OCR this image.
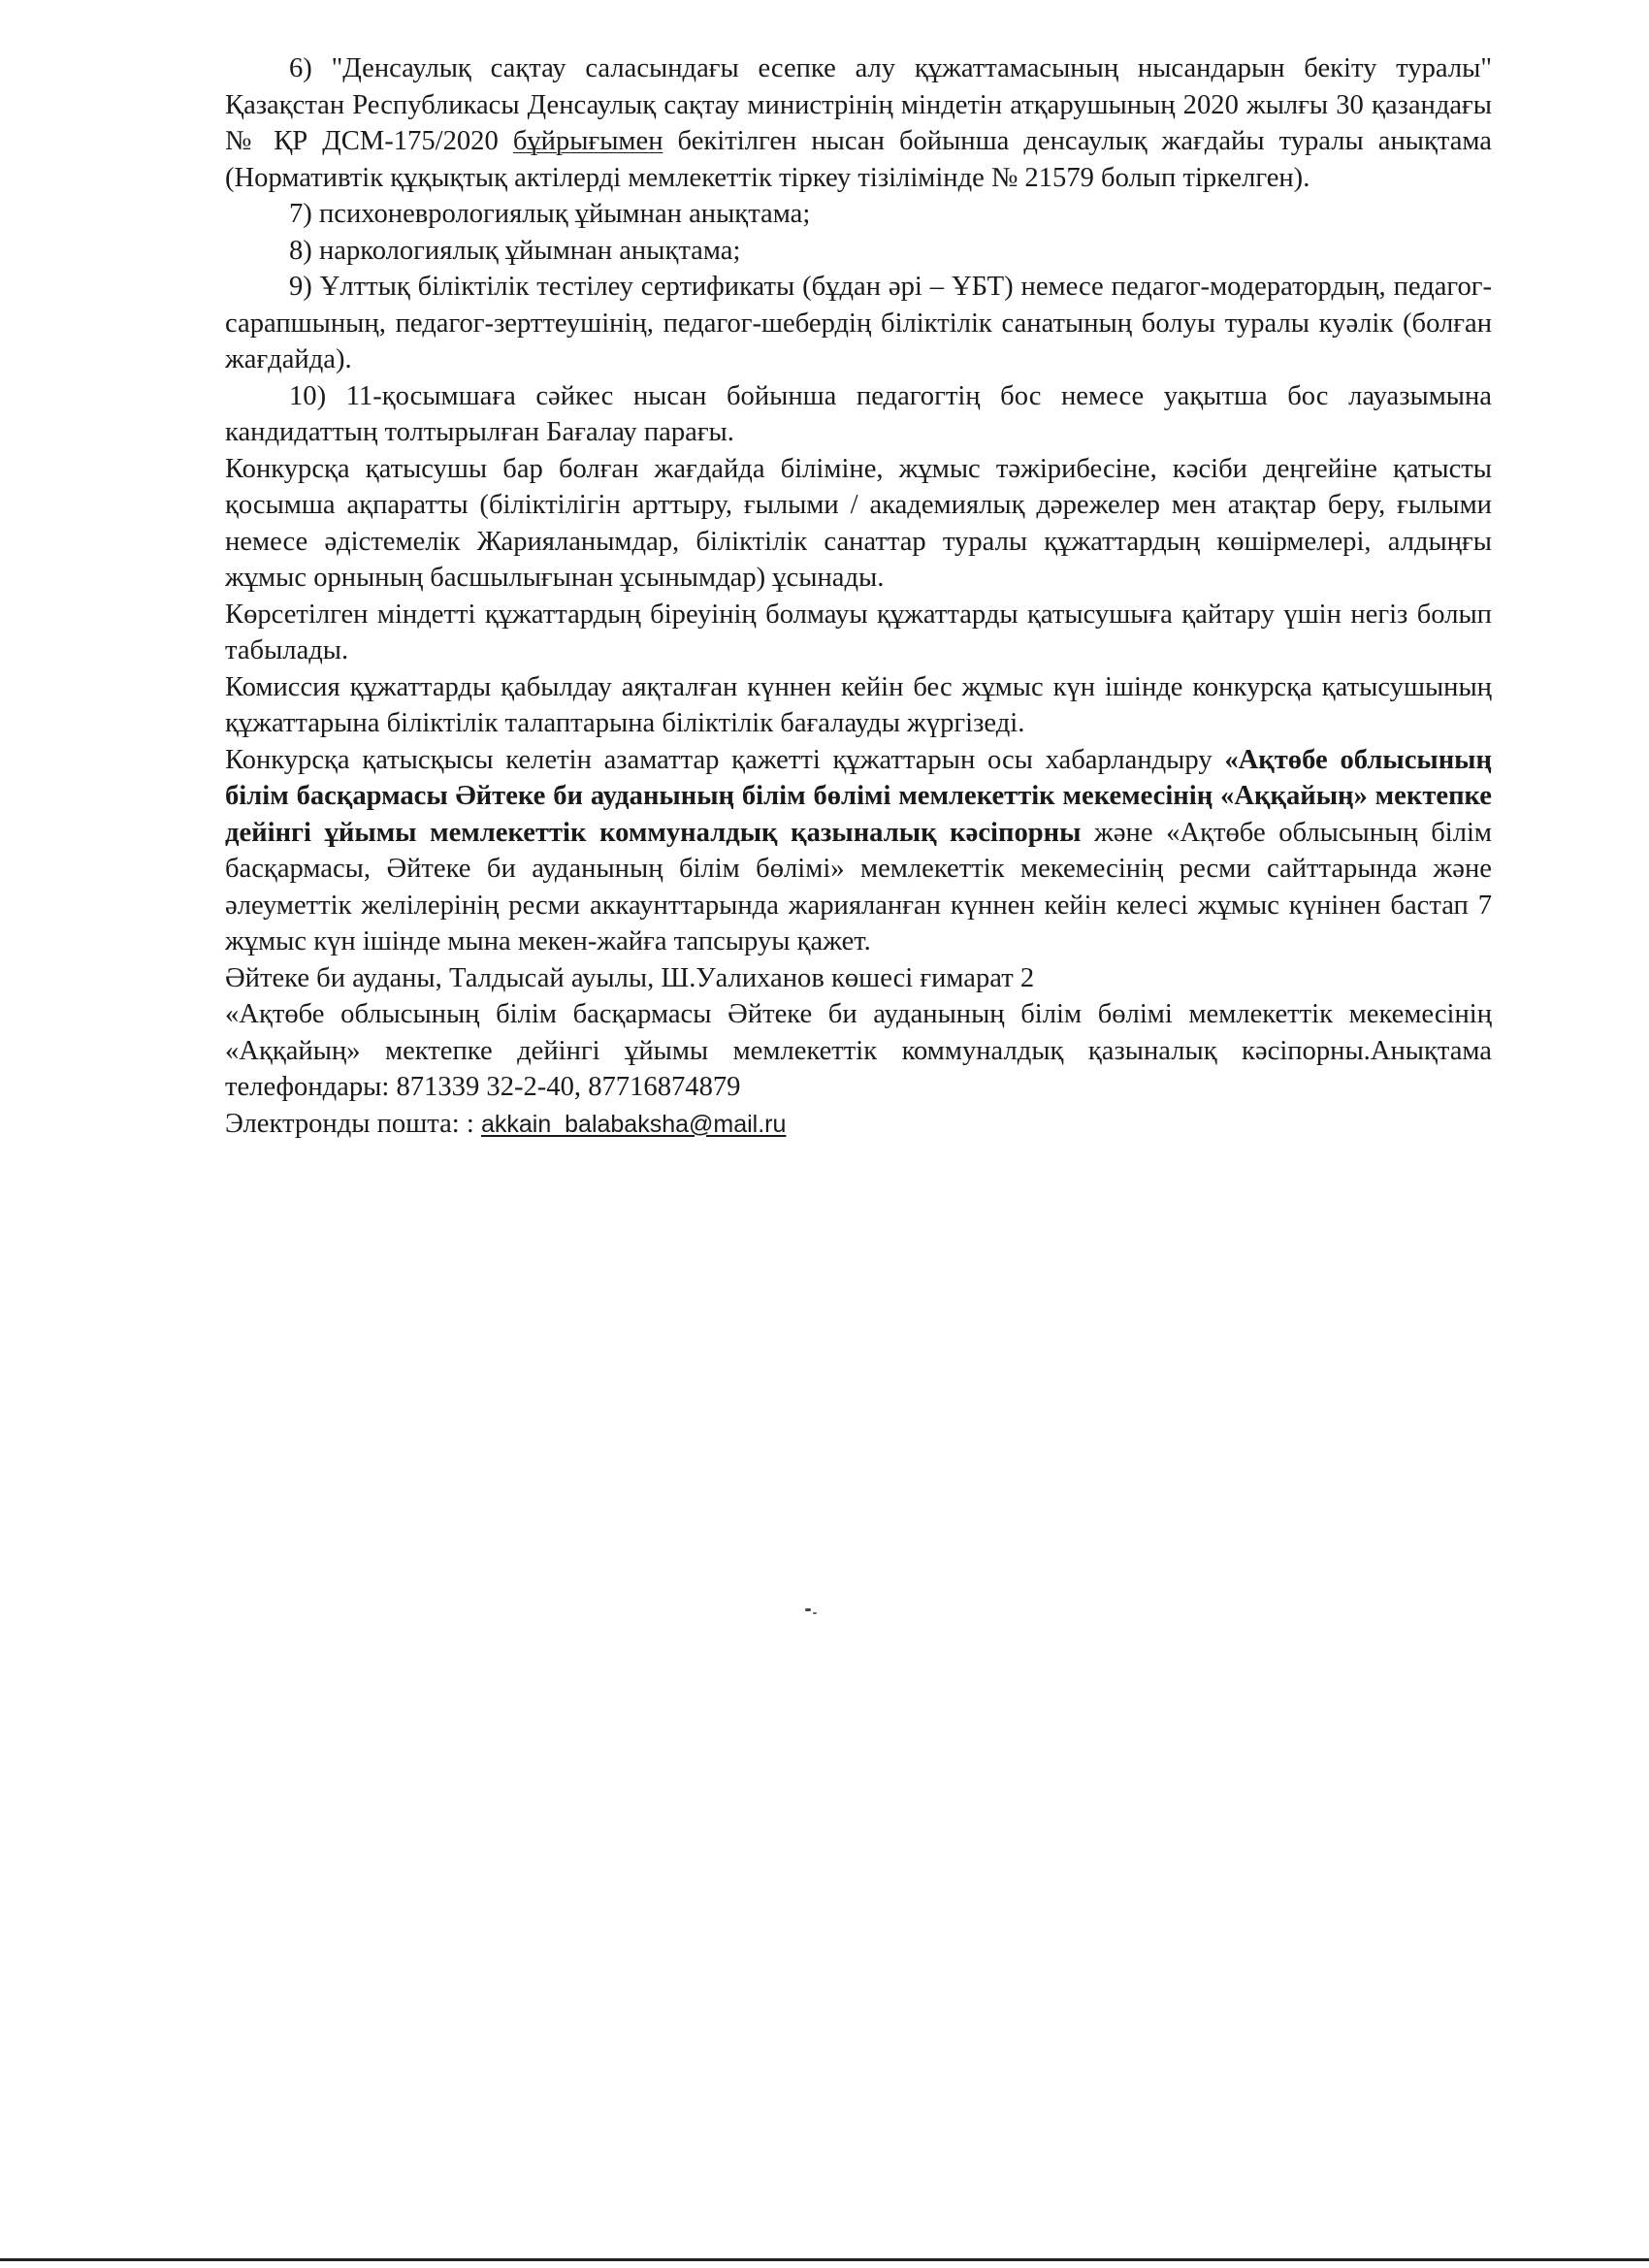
6) "Денсаулық сақтау саласындағы есепке алу құжаттамасының нысандарын бекіту туралы" Қазақстан Республикасы Денсаулық сақтау министрінің міндетін атқарушының 2020 жылғы 30 қазандағы № ҚР ДСМ-175/2020 бұйрығымен бекітілген нысан бойынша денсаулық жағдайы туралы анықтама (Нормативтік құқықтық актілерді мемлекеттік тіркеу тізілімінде № 21579 болып тіркелген).

7) психоневрологиялық ұйымнан анықтама;

8) наркологиялық ұйымнан анықтама;

9) Ұлттық біліктілік тестілеу сертификаты (бұдан әрі – ҰБТ) немесе педагог-модератордың, педагог-сарапшының, педагог-зерттеушінің, педагог-шебердің біліктілік санатының болуы туралы куәлік (болған жағдайда).

10) 11-қосымшаға сәйкес нысан бойынша педагогтің бос немесе уақытша бос лауазымына кандидаттың толтырылған Бағалау парағы.

Конкурсқа қатысушы бар болған жағдайда біліміне, жұмыс тәжірибесіне, кәсіби деңгейіне қатысты қосымша ақпаратты (біліктілігін арттыру, ғылыми / академиялық дәрежелер мен атақтар беру, ғылыми немесе әдістемелік Жарияланымдар, біліктілік санаттар туралы құжаттардың көшірмелері, алдыңғы жұмыс орнының басшылығынан ұсынымдар) ұсынады.

Көрсетілген міндетті құжаттардың біреуінің болмауы құжаттарды қатысушыға қайтару үшін негіз болып табылады.

Комиссия құжаттарды қабылдау аяқталған күннен кейін бес жұмыс күн ішінде конкурсқа қатысушының құжаттарына біліктілік талаптарына біліктілік бағалауды жүргізеді.

Конкурсқа қатысқысы келетін азаматтар қажетті құжаттарын осы хабарландыру «Ақтөбе облысының білім басқармасы Әйтеке би ауданының білім бөлімі мемлекеттік мекемесінің «Аққайың» мектепке дейінгі ұйымы мемлекеттік коммуналдық қазыналық кәсіпорны және «Ақтөбе облысының білім басқармасы, Әйтеке би ауданының білім бөлімі» мемлекеттік мекемесінің ресми сайттарында және әлеуметтік желілерінің ресми аккаунттарында жарияланған күннен кейін келесі жұмыс күнінен бастап 7 жұмыс күн ішінде мына мекен-жайға тапсыруы қажет.

Әйтеке би ауданы, Талдысай ауылы, Ш.Уалиханов көшесі ғимарат 2

«Ақтөбе облысының білім басқармасы Әйтеке би ауданының білім бөлімі мемлекеттік мекемесінің «Аққайың» мектепке дейінгі ұйымы мемлекеттік коммуналдық қазыналық кәсіпорны.Анықтама телефондары: 871339 32-2-40, 87716874879

Электронды пошта: : akkain_balabaksha@mail.ru
